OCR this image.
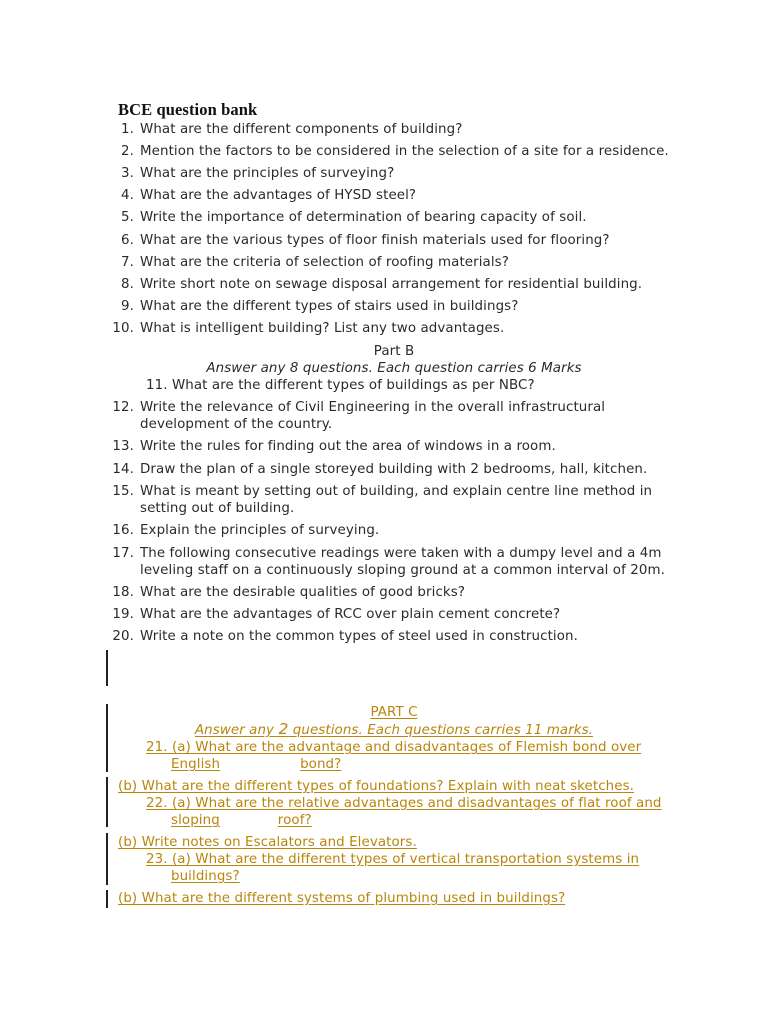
BCE question bank
1. What are the different components of building?
2. Mention the factors to be considered in the selection of a site for a residence.
3. What are the principles of surveying?
4. What are the advantages of HYSD steel?
5. Write the importance of determination of bearing capacity of soil.
6. What are the various types of floor finish materials used for flooring?
7. What are the criteria of selection of roofing materials?
8. Write short note on sewage disposal arrangement for residential building.
9. What are the different types of stairs used in buildings?
10. What is intelligent building? List any two advantages.
Part B
Answer any 8 questions. Each question carries 6 Marks
11. What are the different types of buildings as per NBC?
12. Write the relevance of Civil Engineering in the overall infrastructural
development of the country.
13. Write the rules for finding out the area of windows in a room.
14. Draw the plan of a single storeyed building with 2 bedrooms, hall, kitchen.
15. What is meant by setting out of building, and explain centre line method in
setting out of building.
16. Explain the principles of surveying.
17. The following consecutive readings were taken with a dumpy level and a 4m
leveling staff on a continuously sloping ground at a common interval of 20m.
18. What are the desirable qualities of good bricks?
19. What are the advantages of RCC over plain cement concrete?
20. Write a note on the common types of steel used in construction.
PART C
Answer any 2 questions. Each questions carries 11 marks.
21. (a) What are the advantage and disadvantages of Flemish bond over
English	bond?
(b) What are the different types of foundations? Explain with neat sketches.
22. (a) What are the relative advantages and disadvantages of flat roof and
sloping	roof?
(b) Write notes on Escalators and Elevators.
23. (a) What are the different types of vertical transportation systems in
buildings?
(b) What are the different systems of plumbing used in buildings?
